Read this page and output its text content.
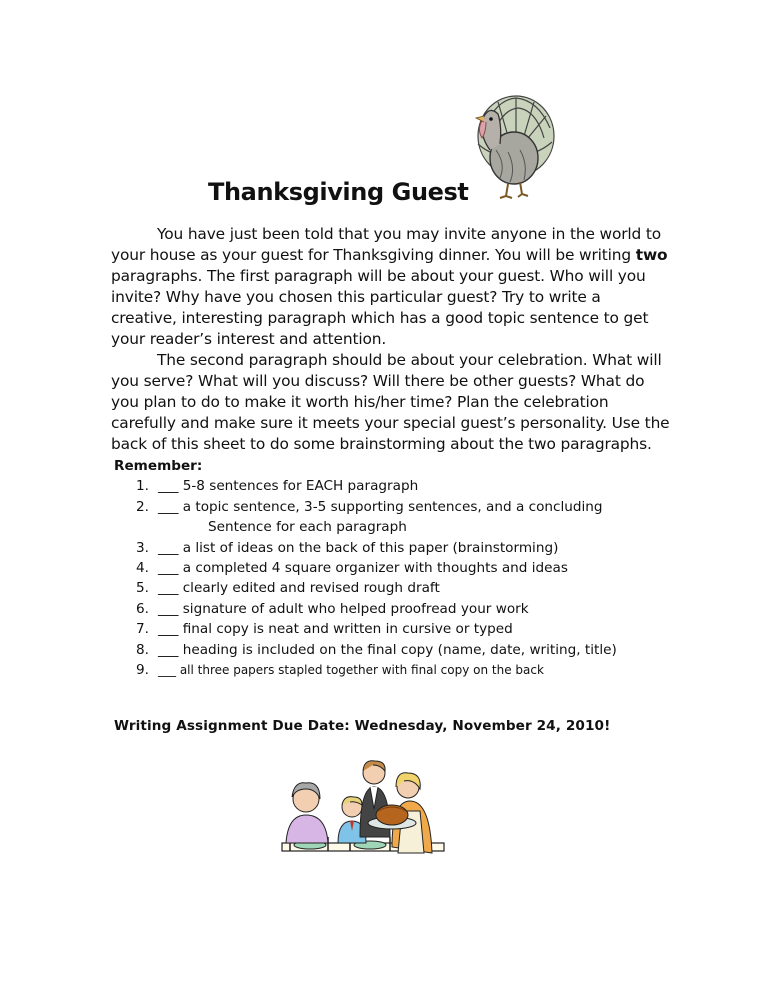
Thanksgiving Guest

You have just been told that you may invite anyone in the world to your house as your guest for Thanksgiving dinner. You will be writing two paragraphs. The first paragraph will be about your guest. Who will you invite? Why have you chosen this particular guest? Try to write a creative, interesting paragraph which has a good topic sentence to get your reader’s interest and attention.

The second paragraph should be about your celebration. What will you serve? What will you discuss? Will there be other guests? What do you plan to do to make it worth his/her time? Plan the celebration carefully and make sure it meets your special guest’s personality. Use the back of this sheet to do some brainstorming about the two paragraphs.

Remember:
1. ___ 5-8 sentences for EACH paragraph
2. ___ a topic sentence, 3-5 supporting sentences, and a concluding
Sentence for each paragraph
3. ___ a list of ideas on the back of this paper (brainstorming)
4. ___ a completed 4 square organizer with thoughts and ideas
5. ___ clearly edited and revised rough draft
6. ___ signature of adult who helped proofread your work
7. ___ final copy is neat and written in cursive or typed
8. ___ heading is included on the final copy (name, date, writing, title)
9. ___ all three papers stapled together with final copy on the back
Writing Assignment Due Date: Wednesday, November 24, 2010!
